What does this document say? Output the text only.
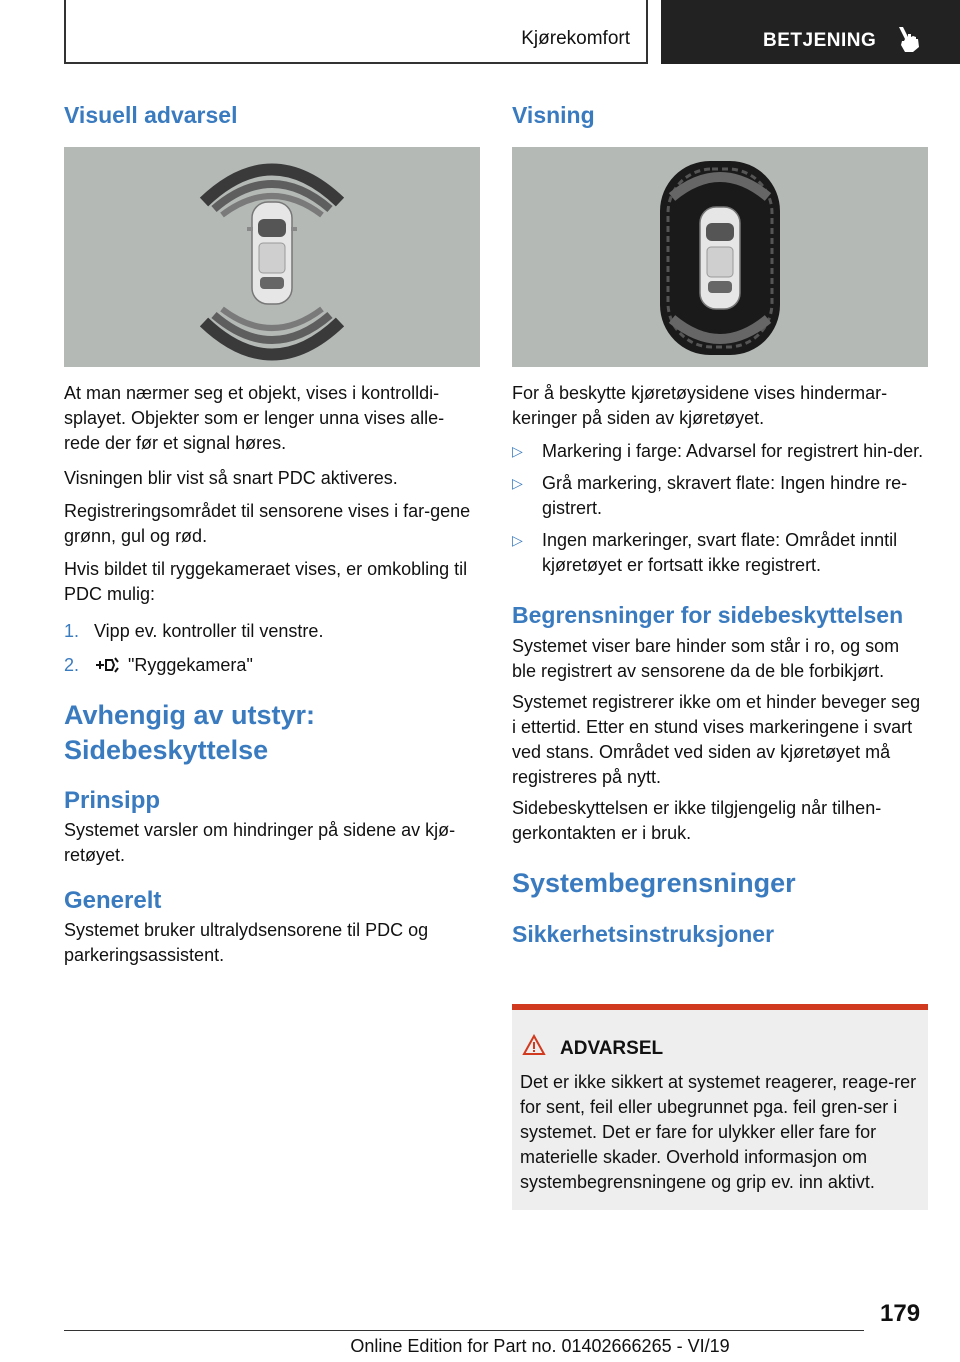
Kjørekomfort	BETJENING
Visuell advarsel

At man nærmer seg et objekt, vises i kontrolldi-splayet. Objekter som er lenger unna vises alle-rede der før et signal høres.

Visningen blir vist så snart PDC aktiveres.

Registreringsområdet til sensorene vises i far-gene grønn, gul og rød.

Hvis bildet til ryggekameraet vises, er omkobling til PDC mulig:

1. Vipp ev. kontroller til venstre.
2.	"Ryggekamera"
Avhengig av utstyr: Sidebeskyttelse
Prinsipp

Systemet varsler om hindringer på sidene av kjø-retøyet.

Generelt

Systemet bruker ultralydsensorene til PDC og parkeringsassistent.

Visning

For å beskytte kjøretøysidene vises hindermar-keringer på siden av kjøretøyet.

▷ Markering i farge: Advarsel for registrert hin-der.
▷ Grå markering, skravert flate: Ingen hindre re-gistrert.
▷ Ingen markeringer, svart flate: Området inntil kjøretøyet er fortsatt ikke registrert.
Begrensninger for sidebeskyttelsen

Systemet viser bare hinder som står i ro, og som ble registrert av sensorene da de ble forbikjørt.

Systemet registrerer ikke om et hinder beveger seg i ettertid. Etter en stund vises markeringene i svart ved stans. Området ved siden av kjøretøyet må registreres på nytt.

Sidebeskyttelsen er ikke tilgjengelig når tilhen-gerkontakten er i bruk.

Systembegrensninger
Sikkerhetsinstruksjoner
ADVARSEL

Det er ikke sikkert at systemet reagerer, reage-rer for sent, feil eller ubegrunnet pga. feil gren-ser i systemet. Det er fare for ulykker eller fare for materielle skader. Overhold informasjon om systembegrensningene og grip ev. inn aktivt.

179
Online Edition for Part no. 01402666265 - VI/19
